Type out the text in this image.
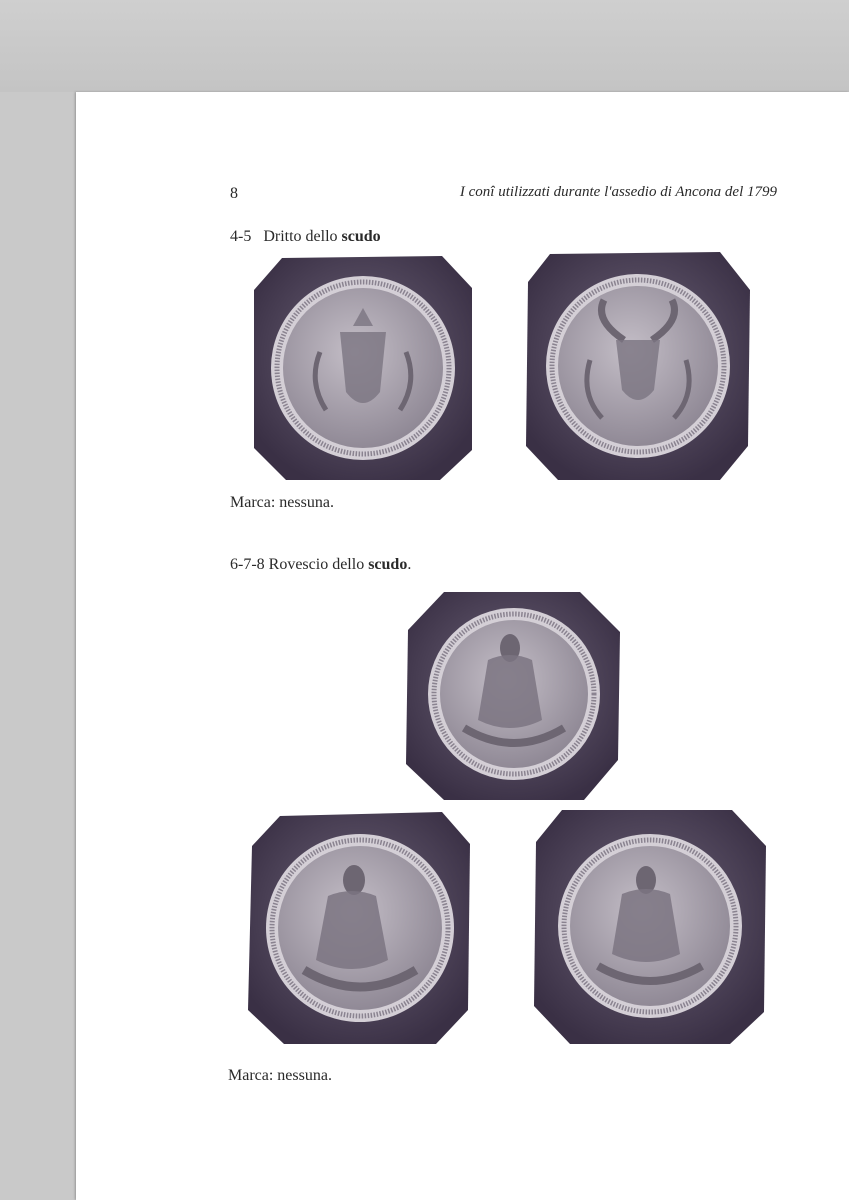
8	I conî utilizzati durante l'assedio di Ancona del 1799
4-5 Dritto dello scudo
Marca: nessuna.
6-7-8 Rovescio dello scudo.
Marca: nessuna.
